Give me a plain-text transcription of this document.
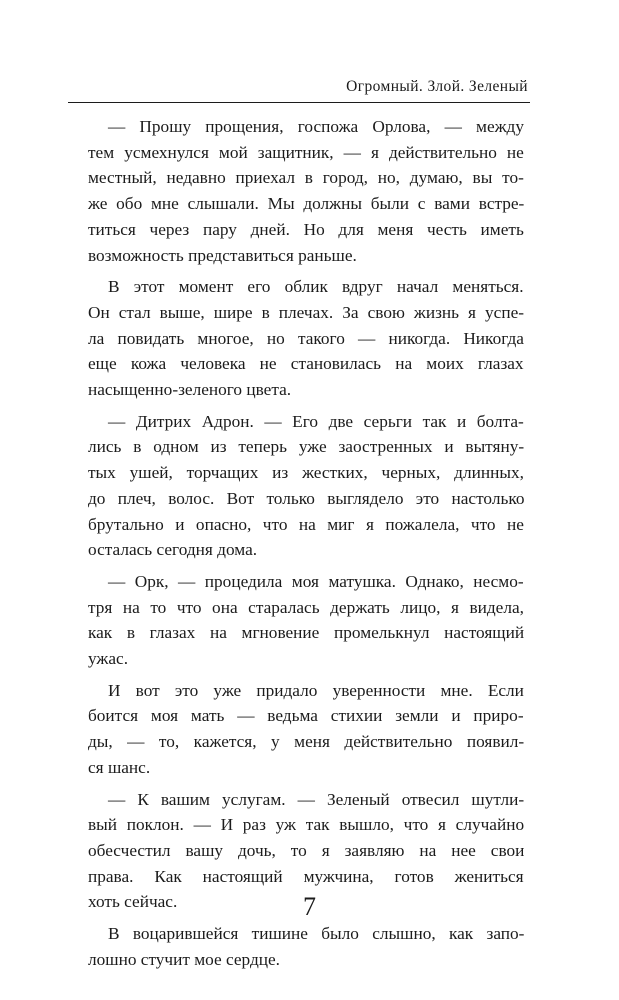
Огромный. Злой. Зеленый
— Прошу прощения, госпожа Орлова, — между
тем усмехнулся мой защитник, — я действительно не
местный, недавно приехал в город, но, думаю, вы то-
же обо мне слышали. Мы должны были с вами встре-
титься через пару дней. Но для меня честь иметь
возможность представиться раньше.
В этот момент его облик вдруг начал меняться.
Он стал выше, шире в плечах. За свою жизнь я успе-
ла повидать многое, но такого — никогда. Никогда
еще кожа человека не становилась на моих глазах
насыщенно-зеленого цвета.
— Дитрих Адрон. — Его две серьги так и болта-
лись в одном из теперь уже заостренных и вытяну-
тых ушей, торчащих из жестких, черных, длинных,
до плеч, волос. Вот только выглядело это настолько
брутально и опасно, что на миг я пожалела, что не
осталась сегодня дома.
— Орк, — процедила моя матушка. Однако, несмо-
тря на то что она старалась держать лицо, я видела,
как в глазах на мгновение промелькнул настоящий
ужас.
И вот это уже придало уверенности мне. Если
боится моя мать — ведьма стихии земли и приро-
ды, — то, кажется, у меня действительно появил-
ся шанс.
— К вашим услугам. — Зеленый отвесил шутли-
вый поклон. — И раз уж так вышло, что я случайно
обесчестил вашу дочь, то я заявляю на нее свои
права. Как настоящий мужчина, готов жениться
хоть сейчас.
В воцарившейся тишине было слышно, как запо-
лошно стучит мое сердце.
7
